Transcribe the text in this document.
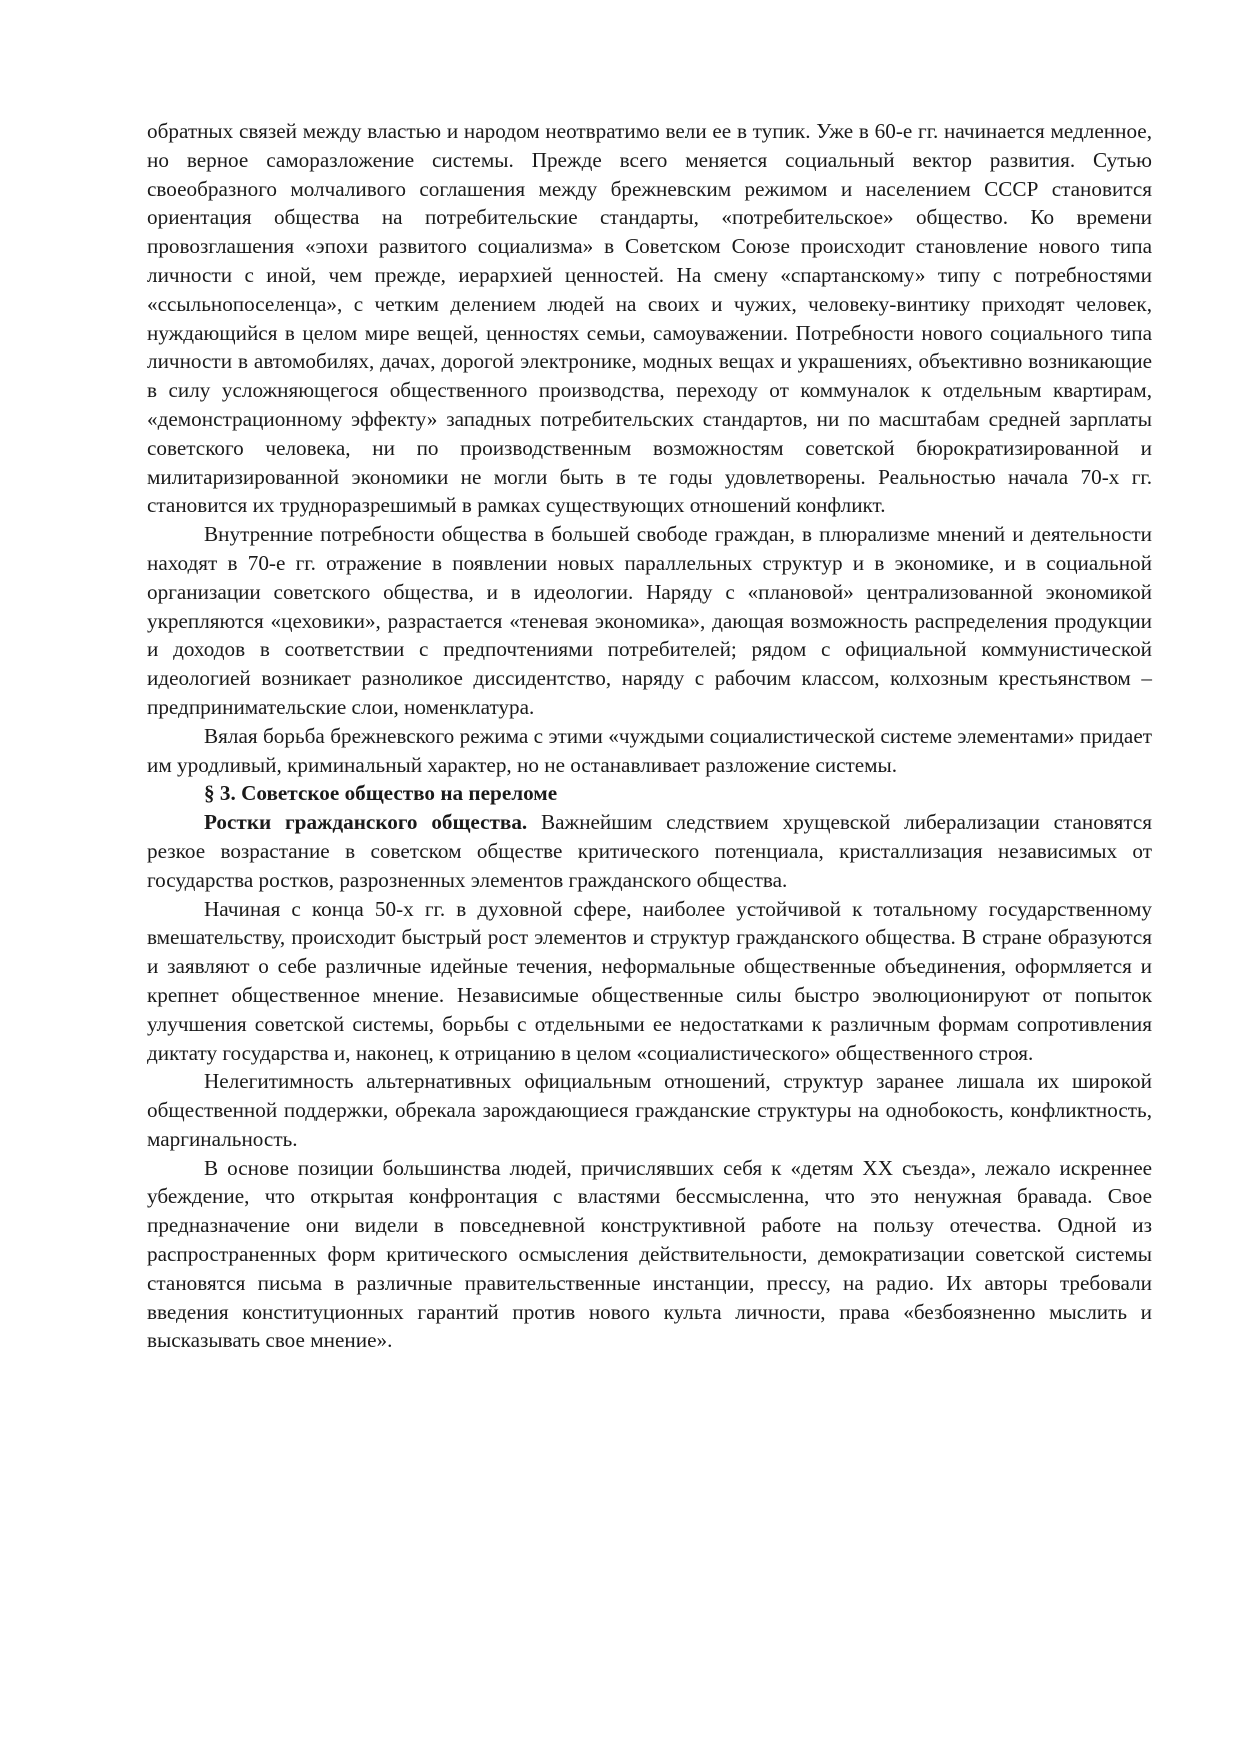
обратных связей между властью и народом неотвратимо вели ее в тупик. Уже в 60-е гг. начинается медленное, но верное саморазложение системы. Прежде всего меняется социальный вектор развития. Сутью своеобразного молчаливого соглашения между брежневским режимом и населением СССР становится ориентация общества на потребительские стандарты, «потребительское» общество. Ко времени провозглашения «эпохи развитого социализма» в Советском Союзе происходит становление нового типа личности с иной, чем прежде, иерархией ценностей. На смену «спартанскому» типу с потребностями «ссыльнопоселенца», с четким делением людей на своих и чужих, человеку-винтику приходят человек, нуждающийся в целом мире вещей, ценностях семьи, самоуважении. Потребности нового социального типа личности в автомобилях, дачах, дорогой электронике, модных вещах и украшениях, объективно возникающие в силу усложняющегося общественного производства, переходу от коммуналок к отдельным квартирам, «демонстрационному эффекту» западных потребительских стандартов, ни по масштабам средней зарплаты советского человека, ни по производственным возможностям советской бюрократизированной и милитаризированной экономики не могли быть в те годы удовлетворены. Реальностью начала 70-х гг. становится их трудноразрешимый в рамках существующих отношений конфликт.

Внутренние потребности общества в большей свободе граждан, в плюрализме мнений и деятельности находят в 70-е гг. отражение в появлении новых параллельных структур и в экономике, и в социальной организации советского общества, и в идеологии. Наряду с «плановой» централизованной экономикой укрепляются «цеховики», разрастается «теневая экономика», дающая возможность распределения продукции и доходов в соответствии с предпочтениями потребителей; рядом с официальной коммунистической идеологией возникает разноликое диссидентство, наряду с рабочим классом, колхозным крестьянством – предпринимательские слои, номенклатура.

Вялая борьба брежневского режима с этими «чуждыми социалистической системе элементами» придает им уродливый, криминальный характер, но не останавливает разложение системы.

§ 3. Советское общество на переломе

Ростки гражданского общества. Важнейшим следствием хрущевской либерализации становятся резкое возрастание в советском обществе критического потенциала, кристаллизация независимых от государства ростков, разрозненных элементов гражданского общества.

Начиная с конца 50-х гг. в духовной сфере, наиболее устойчивой к тотальному государственному вмешательству, происходит быстрый рост элементов и структур гражданского общества. В стране образуются и заявляют о себе различные идейные течения, неформальные общественные объединения, оформляется и крепнет общественное мнение. Независимые общественные силы быстро эволюционируют от попыток улучшения советской системы, борьбы с отдельными ее недостатками к различным формам сопротивления диктату государства и, наконец, к отрицанию в целом «социалистического» общественного строя.

Нелегитимность альтернативных официальным отношений, структур заранее лишала их широкой общественной поддержки, обрекала зарождающиеся гражданские структуры на однобокость, конфликтность, маргинальность.

В основе позиции большинства людей, причислявших себя к «детям XX съезда», лежало искреннее убеждение, что открытая конфронтация с властями бессмысленна, что это ненужная бравада. Свое предназначение они видели в повседневной конструктивной работе на пользу отечества. Одной из распространенных форм критического осмысления действительности, демократизации советской системы становятся письма в различные правительственные инстанции, прессу, на радио. Их авторы требовали введения конституционных гарантий против нового культа личности, права «безбоязненно мыслить и высказывать свое мнение».
